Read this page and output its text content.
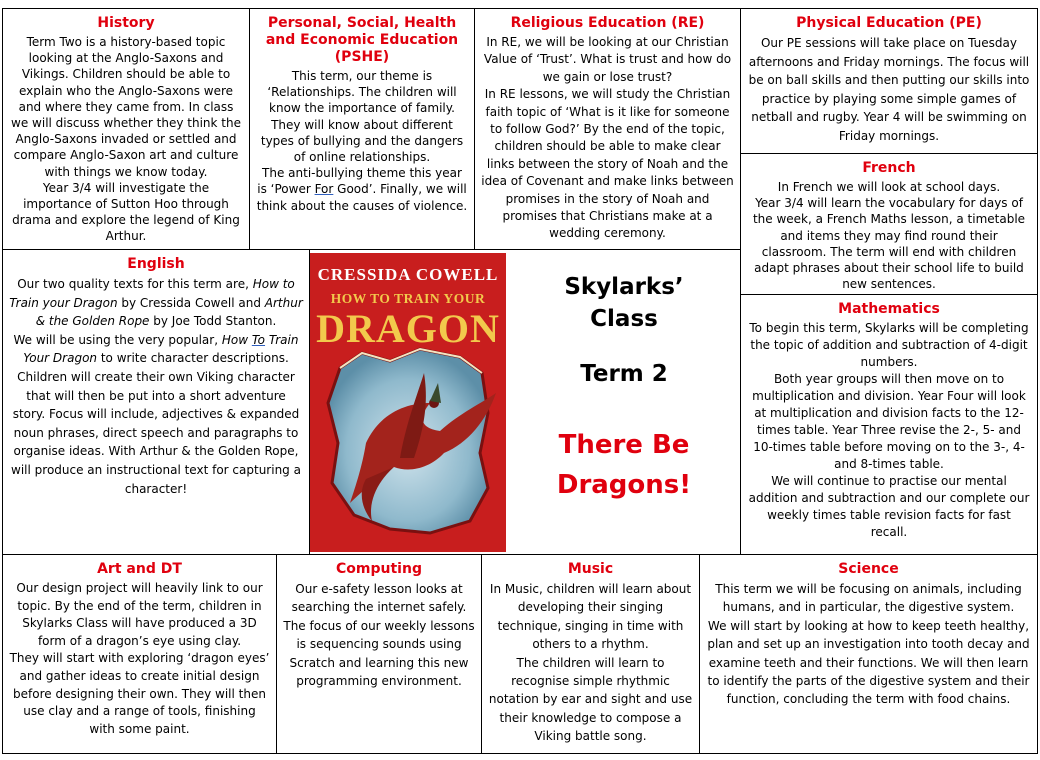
History

Term Two is a history-based topic looking at the Anglo-Saxons and Vikings. Children should be able to explain who the Anglo-Saxons were and where they came from. In class we will discuss whether they think the Anglo-Saxons invaded or settled and compare Anglo-Saxon art and culture with things we know today.

Year 3/4 will investigate the importance of Sutton Hoo through drama and explore the legend of King Arthur.

Personal, Social, Health and Economic Education (PSHE)

This term, our theme is ‘Relationships. The children will know the importance of family. They will know about different types of bullying and the dangers of online relationships.

The anti-bullying theme this year is ‘Power For Good’. Finally, we will think about the causes of violence.

Religious Education (RE)

In RE, we will be looking at our Christian Value of ‘Trust’. What is trust and how do we gain or lose trust?

In RE lessons, we will study the Christian faith topic of ‘What is it like for someone to follow God?’ By the end of the topic, children should be able to make clear links between the story of Noah and the idea of Covenant and make links between promises in the story of Noah and promises that Christians make at a wedding ceremony.

Physical Education (PE)

Our PE sessions will take place on Tuesday afternoons and Friday mornings. The focus will be on ball skills and then putting our skills into practice by playing some simple games of netball and rugby. Year 4 will be swimming on Friday mornings.

French

In French we will look at school days.

Year 3/4 will learn the vocabulary for days of the week, a French Maths lesson, a timetable and items they may find round their classroom. The term will end with children adapt phrases about their school life to build new sentences.

English

Our two quality texts for this term are, How to Train your Dragon by Cressida Cowell and Arthur & the Golden Rope by Joe Todd Stanton.

We will be using the very popular, How To Train Your Dragon to write character descriptions. Children will create their own Viking character that will then be put into a short adventure story. Focus will include, adjectives & expanded noun phrases, direct speech and paragraphs to organise ideas. With Arthur & the Golden Rope, will produce an instructional text for capturing a character!

CRESSIDA COWELL
HOW TO TRAIN YOUR
DRAGON
Skylarks’
Class
Term 2
There Be
Dragons!
Mathematics

To begin this term, Skylarks will be completing the topic of addition and subtraction of 4-digit numbers.

Both year groups will then move on to multiplication and division. Year Four will look at multiplication and division facts to the 12-times table. Year Three revise the 2-, 5- and 10-times table before moving on to the 3-, 4- and 8-times table.

We will continue to practise our mental addition and subtraction and our complete our weekly times table revision facts for fast recall.

Art and DT

Our design project will heavily link to our topic. By the end of the term, children in Skylarks Class will have produced a 3D form of a dragon’s eye using clay.

They will start with exploring ‘dragon eyes’ and gather ideas to create initial design before designing their own. They will then use clay and a range of tools, finishing with some paint.

Computing

Our e-safety lesson looks at searching the internet safely.

The focus of our weekly lessons is sequencing sounds using Scratch and learning this new programming environment.

Music

In Music, children will learn about developing their singing technique, singing in time with others to a rhythm.

The children will learn to recognise simple rhythmic notation by ear and sight and use their knowledge to compose a Viking battle song.

Science

This term we will be focusing on animals, including humans, and in particular, the digestive system.

We will start by looking at how to keep teeth healthy, plan and set up an investigation into tooth decay and examine teeth and their functions. We will then learn to identify the parts of the digestive system and their function, concluding the term with food chains.
